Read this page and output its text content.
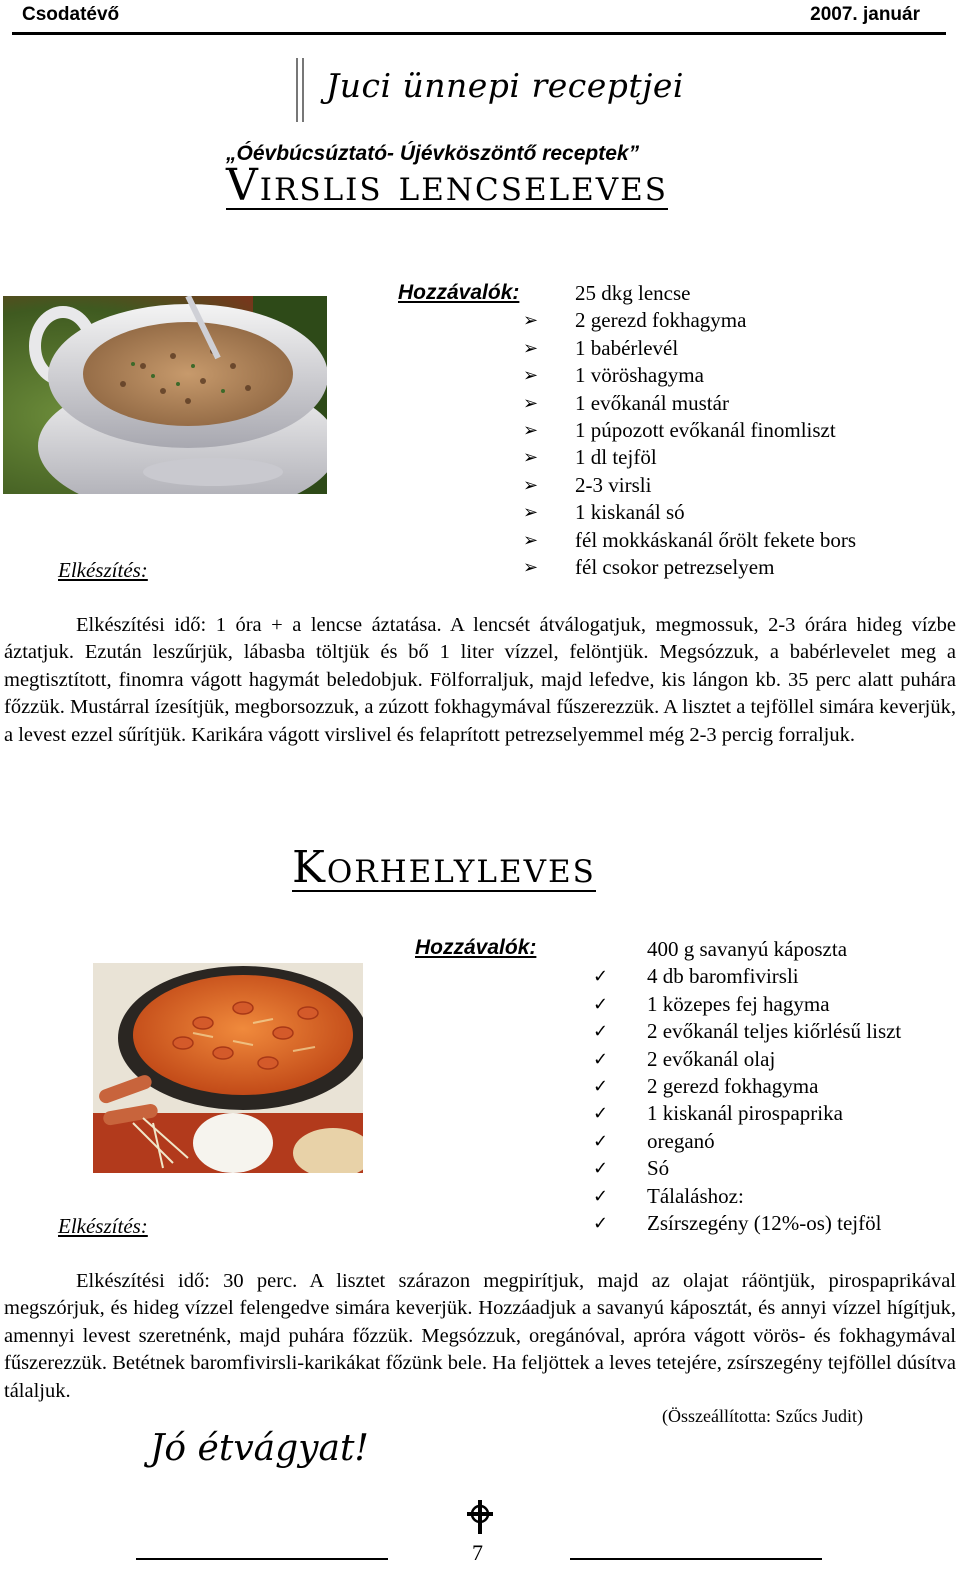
Csodatévő	2007. január
Juci ünnepi receptjei
„Óévbúcsúztató- Újévköszöntő receptek”
Virslis lencseleves
Hozzávalók:	25 dkg lencse
➢ 2 gerezd fokhagyma
➢ 1 babérlevél
➢ 1 vöröshagyma
➢ 1 evőkanál mustár
➢ 1 púpozott evőkanál finomliszt
➢ 1 dl tejföl
➢ 2-3 virsli
➢ 1 kiskanál só
➢ fél mokkáskanál őrölt fekete bors
➢ fél csokor petrezselyem
Elkészítés:

Elkészítési idő: 1 óra + a lencse áztatása. A lencsét átválogatjuk, megmossuk, 2-3 órára hideg vízbe áztatjuk. Ezután leszűrjük, lábasba töltjük és bő 1 liter vízzel, felöntjük. Megsózzuk, a babérlevelet meg a megtisztított, finomra vágott hagymát beledobjuk. Fölforraljuk, majd lefedve, kis lángon kb. 35 perc alatt puhára főzzük. Mustárral ízesítjük, megborsozzuk, a zúzott fokhagymával fűszerezzük. A lisztet a tejföllel simára keverjük, a levest ezzel sűrítjük. Karikára vágott virslivel és felaprított petrezselyemmel még 2-3 percig forraljuk.

Korhelyleves
Hozzávalók:	400 g savanyú káposzta
✓ 4 db baromfivirsli
✓ 1 közepes fej hagyma
✓ 2 evőkanál teljes kiőrlésű liszt
✓ 2 evőkanál olaj
✓ 2 gerezd fokhagyma
✓ 1 kiskanál pirospaprika
✓ oreganó
✓ Só
✓ Tálaláshoz:
✓ Zsírszegény (12%-os) tejföl
Elkészítés:

Elkészítési idő: 30 perc. A lisztet szárazon megpirítjuk, majd az olajat ráöntjük, pirospaprikával megszórjuk, és hideg vízzel felengedve simára keverjük. Hozzáadjuk a savanyú káposztát, és annyi vízzel hígítjuk, amennyi levest szeretnénk, majd puhára főzzük. Megsózzuk, oregánóval, apróra vágott vörös- és fokhagymával fűszerezzük. Betétnek baromfivirsli-karikákat főzünk bele. Ha feljöttek a leves tetejére, zsírszegény tejföllel dúsítva tálaljuk.

(Összeállította: Szűcs Judit)
Jó étvágyat!
7
